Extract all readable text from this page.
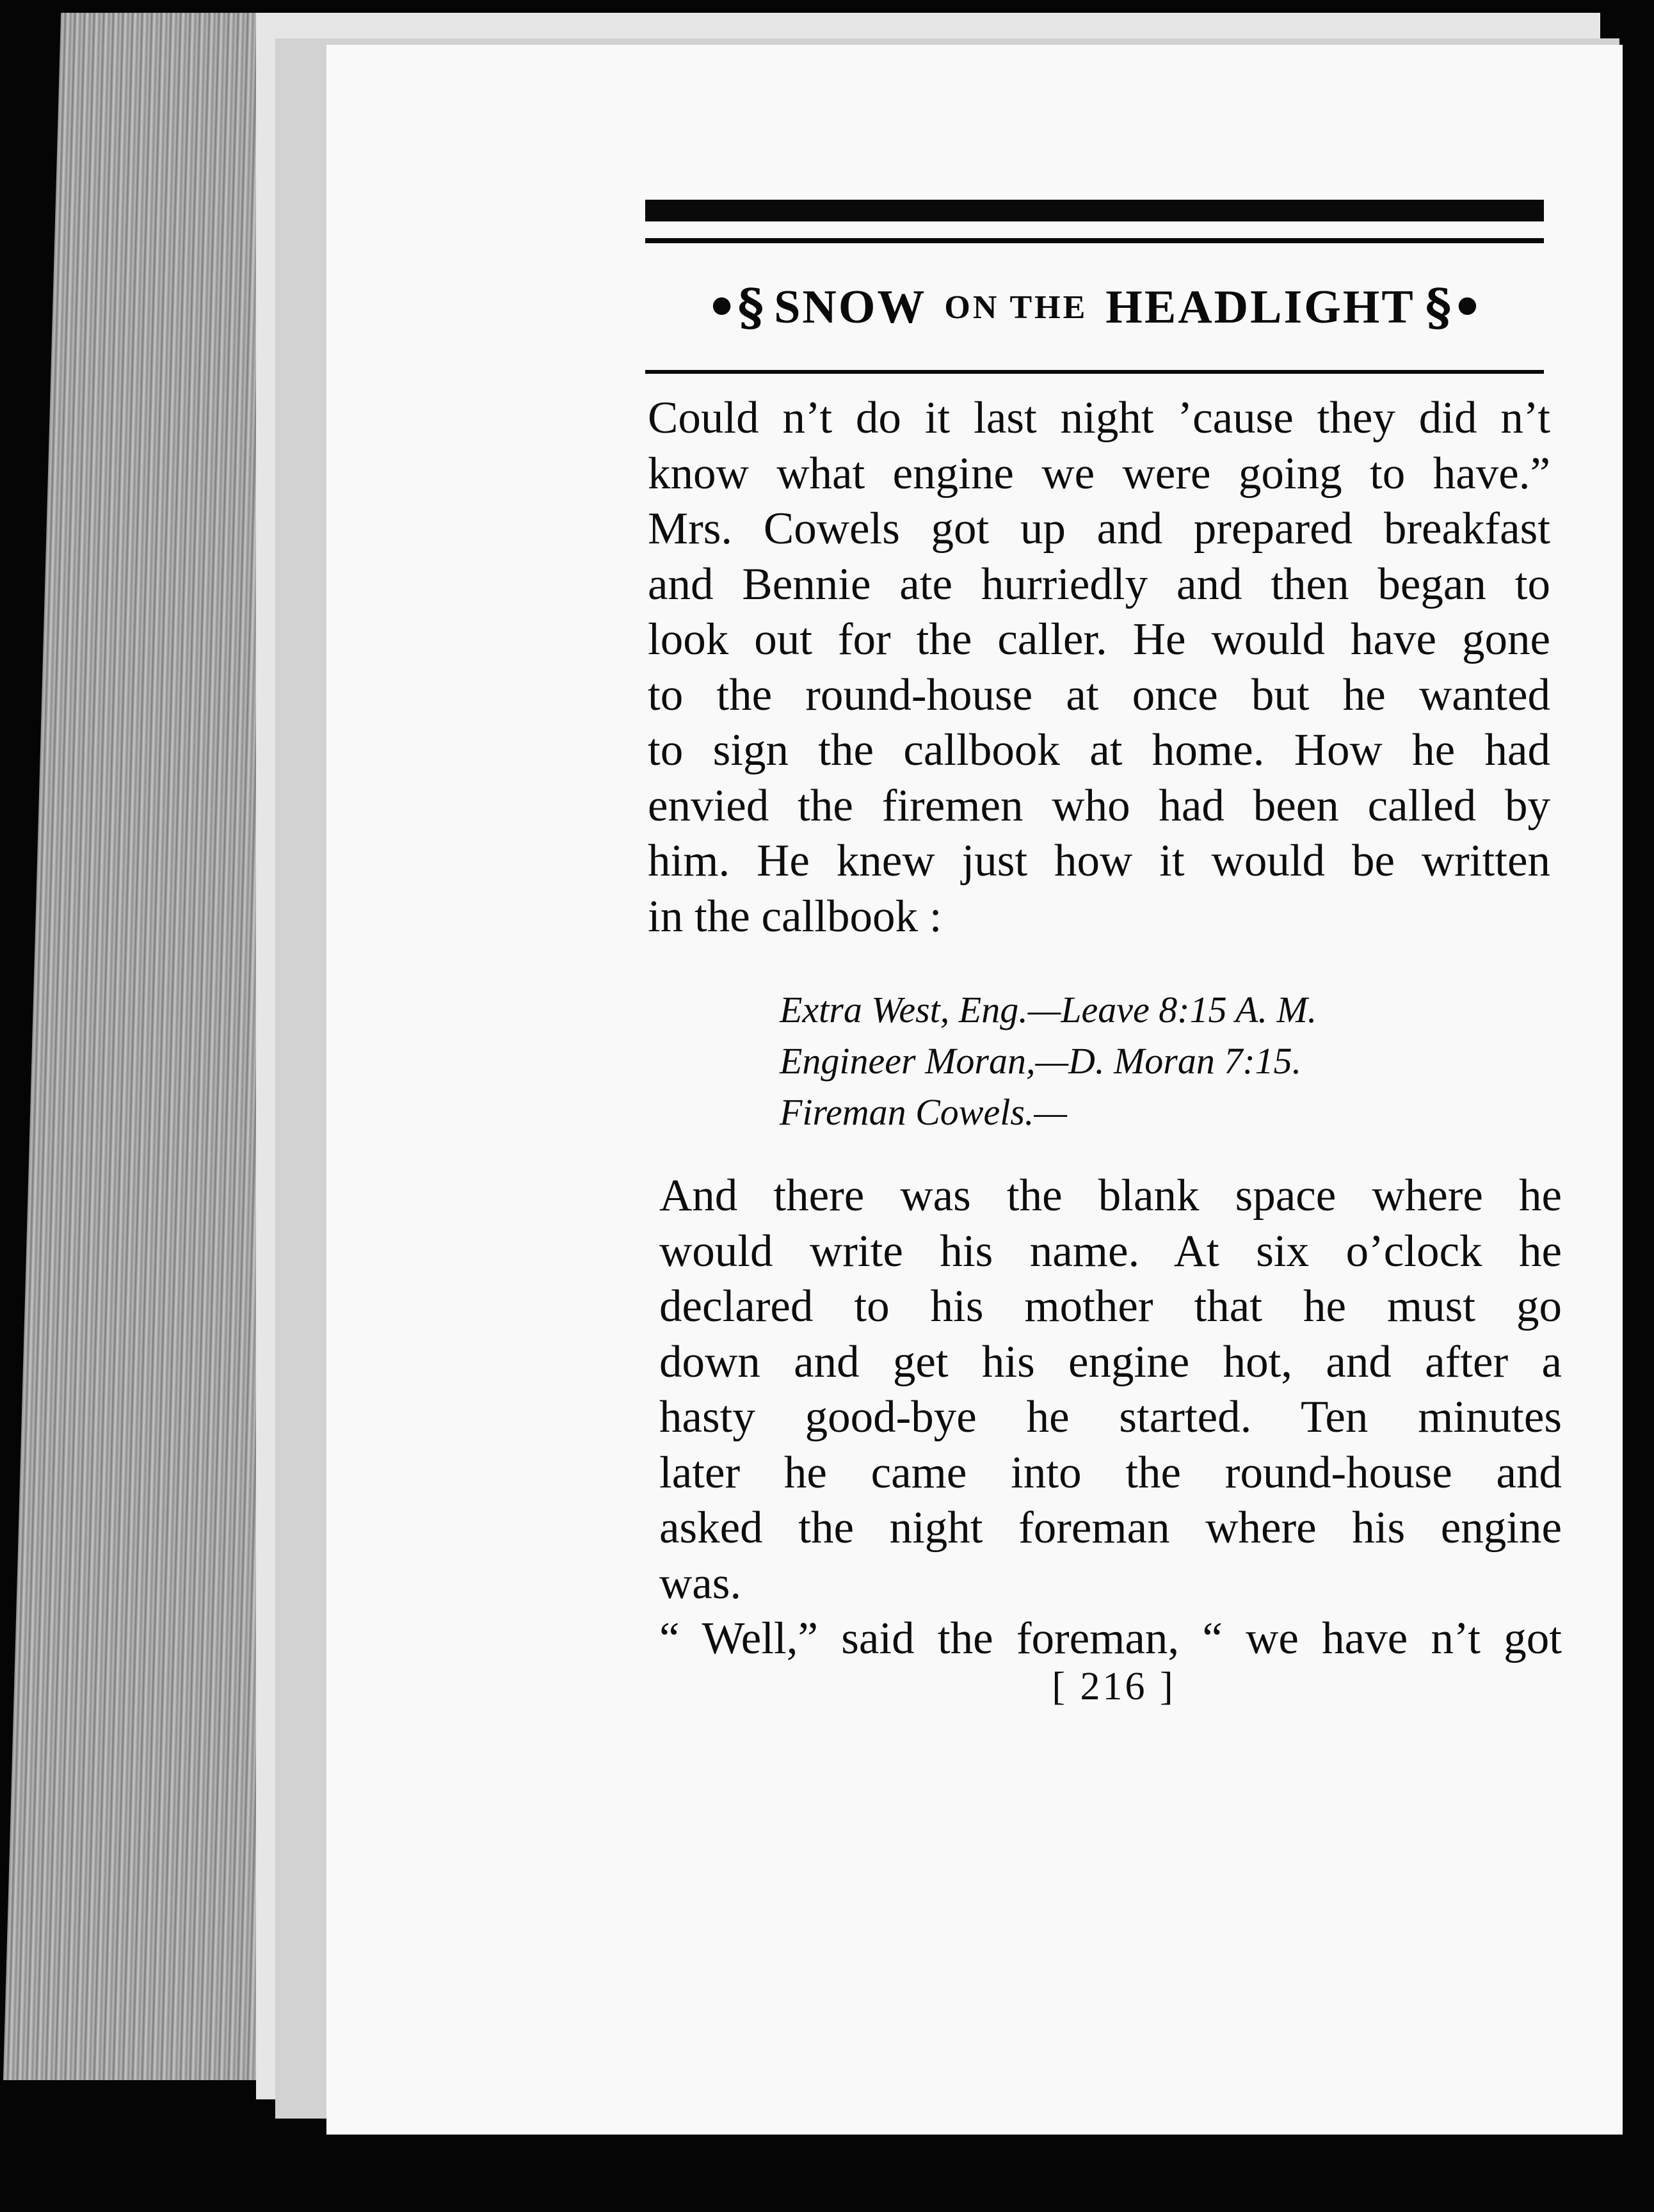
•§ SNOW ON THE HEADLIGHT §•
Could n’t do it last night ’cause they did n’t
know what engine we were going to have.”
Mrs. Cowels got up and prepared breakfast
and Bennie ate hurriedly and then began to
look out for the caller. He would have gone
to the round-house at once but he wanted
to sign the callbook at home. How he had
envied the firemen who had been called by
him. He knew just how it would be written
in the callbook :
Extra West, Eng.—Leave 8:15 A. M.
Engineer Moran,—D. Moran 7:15.
Fireman Cowels.—
And there was the blank space where he
would write his name. At six o’clock he
declared to his mother that he must go
down and get his engine hot, and after a
hasty good-bye he started. Ten minutes
later he came into the round-house and
asked the night foreman where his engine
was.
“ Well,” said the foreman, “ we have n’t got
[ 216 ]
